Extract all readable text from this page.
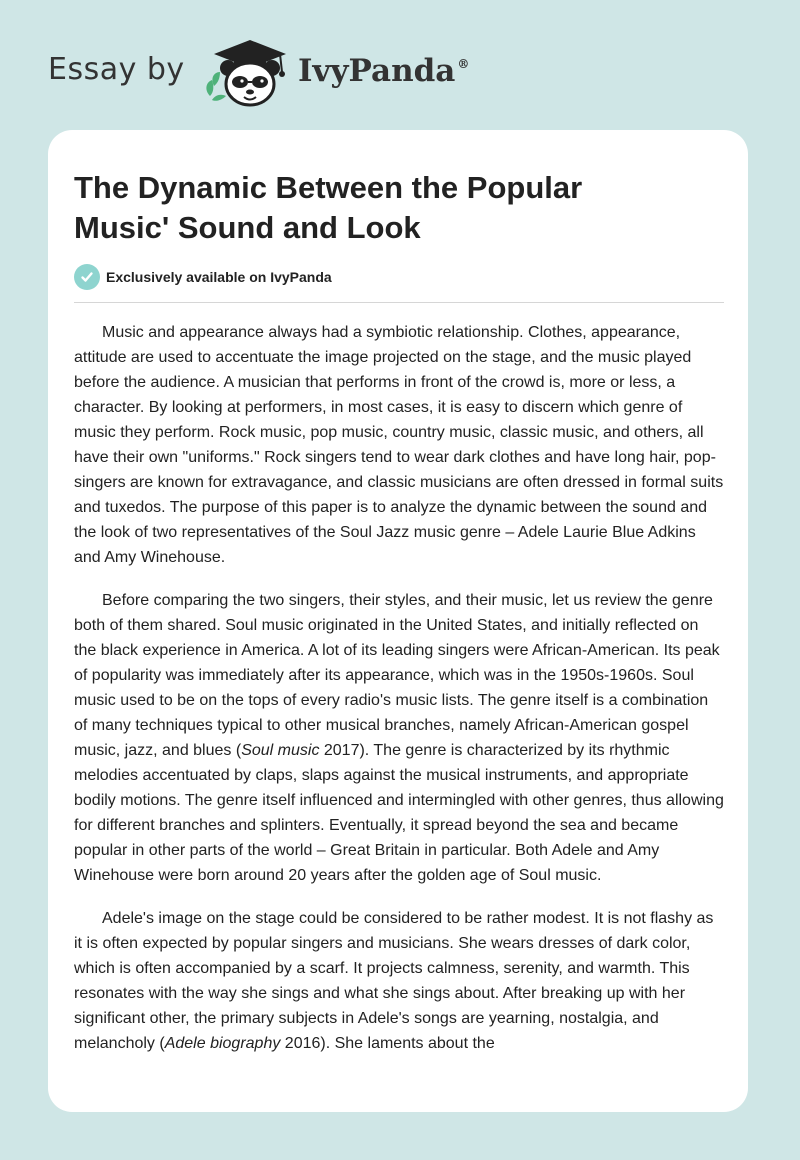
Essay by	IvyPanda ®
The Dynamic Between the Popular Music' Sound and Look
Exclusively available on IvyPanda

Music and appearance always had a symbiotic relationship. Clothes, appearance, attitude are used to accentuate the image projected on the stage, and the music played before the audience. A musician that performs in front of the crowd is, more or less, a character. By looking at performers, in most cases, it is easy to discern which genre of music they perform. Rock music, pop music, country music, classic music, and others, all have their own "uniforms." Rock singers tend to wear dark clothes and have long hair, pop-singers are known for extravagance, and classic musicians are often dressed in formal suits and tuxedos. The purpose of this paper is to analyze the dynamic between the sound and the look of two representatives of the Soul Jazz music genre – Adele Laurie Blue Adkins and Amy Winehouse.

Before comparing the two singers, their styles, and their music, let us review the genre both of them shared. Soul music originated in the United States, and initially reflected on the black experience in America. A lot of its leading singers were African-American. Its peak of popularity was immediately after its appearance, which was in the 1950s-1960s. Soul music used to be on the tops of every radio's music lists. The genre itself is a combination of many techniques typical to other musical branches, namely African-American gospel music, jazz, and blues (Soul music 2017). The genre is characterized by its rhythmic melodies accentuated by claps, slaps against the musical instruments, and appropriate bodily motions. The genre itself influenced and intermingled with other genres, thus allowing for different branches and splinters. Eventually, it spread beyond the sea and became popular in other parts of the world – Great Britain in particular. Both Adele and Amy Winehouse were born around 20 years after the golden age of Soul music.

Adele's image on the stage could be considered to be rather modest. It is not flashy as it is often expected by popular singers and musicians. She wears dresses of dark color, which is often accompanied by a scarf. It projects calmness, serenity, and warmth. This resonates with the way she sings and what she sings about. After breaking up with her significant other, the primary subjects in Adele's songs are yearning, nostalgia, and melancholy (Adele biography 2016). She laments about the
